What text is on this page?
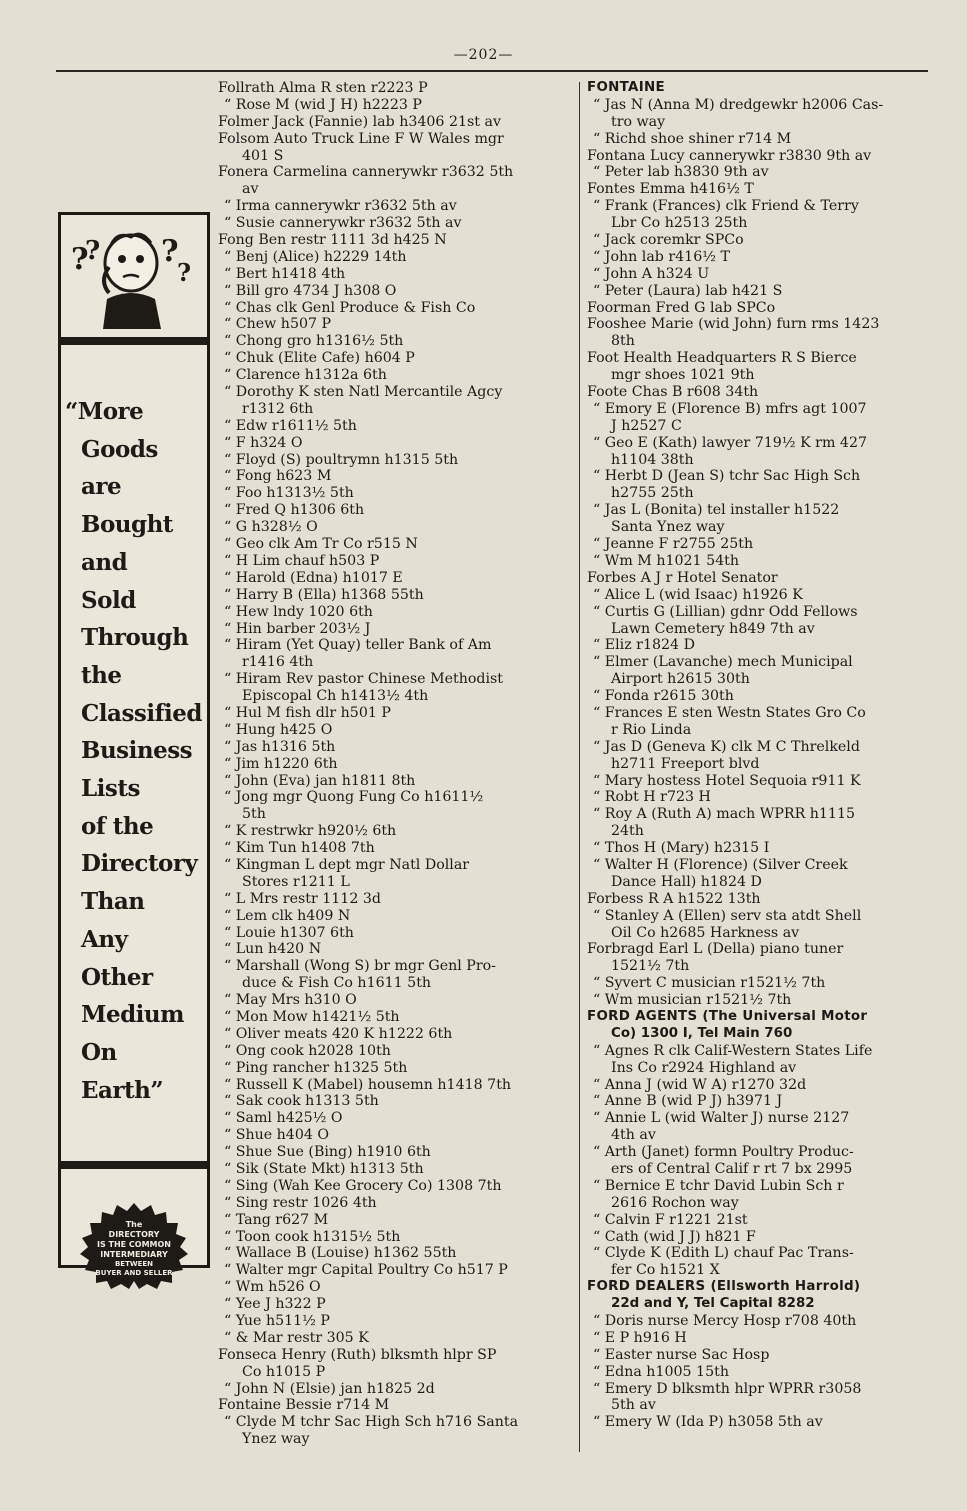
—202—
?
? ?
?
“More
Goods
are
Bought
and
Sold
Through
the
Classified
Business
Lists
of the
Directory
Than
Any
Other
Medium
On
Earth”
The
DIRECTORY
IS THE COMMON
INTERMEDIARY
BETWEEN
BUYER AND SELLER
Follrath Alma R sten r2223 P
“ Rose M (wid J H) h2223 P
Folmer Jack (Fannie) lab h3406 21st av
Folsom Auto Truck Line F W Wales mgr
401 S
Fonera Carmelina cannerywkr r3632 5th
av
“ Irma cannerywkr r3632 5th av
“ Susie cannerywkr r3632 5th av
Fong Ben restr 1111 3d h425 N
“ Benj (Alice) h2229 14th
“ Bert h1418 4th
“ Bill gro 4734 J h308 O
“ Chas clk Genl Produce & Fish Co
“ Chew h507 P
“ Chong gro h1316½ 5th
“ Chuk (Elite Cafe) h604 P
“ Clarence h1312a 6th
“ Dorothy K sten Natl Mercantile Agcy
r1312 6th
“ Edw r1611½ 5th
“ F h324 O
“ Floyd (S) poultrymn h1315 5th
“ Fong h623 M
“ Foo h1313½ 5th
“ Fred Q h1306 6th
“ G h328½ O
“ Geo clk Am Tr Co r515 N
“ H Lim chauf h503 P
“ Harold (Edna) h1017 E
“ Harry B (Ella) h1368 55th
“ Hew lndy 1020 6th
“ Hin barber 203½ J
“ Hiram (Yet Quay) teller Bank of Am
r1416 4th
“ Hiram Rev pastor Chinese Methodist
Episcopal Ch h1413½ 4th
“ Hul M fish dlr h501 P
“ Hung h425 O
“ Jas h1316 5th
“ Jim h1220 6th
“ John (Eva) jan h1811 8th
“ Jong mgr Quong Fung Co h1611½
5th
“ K restrwkr h920½ 6th
“ Kim Tun h1408 7th
“ Kingman L dept mgr Natl Dollar
Stores r1211 L
“ L Mrs restr 1112 3d
“ Lem clk h409 N
“ Louie h1307 6th
“ Lun h420 N
“ Marshall (Wong S) br mgr Genl Pro-
duce & Fish Co h1611 5th
“ May Mrs h310 O
“ Mon Mow h1421½ 5th
“ Oliver meats 420 K h1222 6th
“ Ong cook h2028 10th
“ Ping rancher h1325 5th
“ Russell K (Mabel) housemn h1418 7th
“ Sak cook h1313 5th
“ Saml h425½ O
“ Shue h404 O
“ Shue Sue (Bing) h1910 6th
“ Sik (State Mkt) h1313 5th
“ Sing (Wah Kee Grocery Co) 1308 7th
“ Sing restr 1026 4th
“ Tang r627 M
“ Toon cook h1315½ 5th
“ Wallace B (Louise) h1362 55th
“ Walter mgr Capital Poultry Co h517 P
“ Wm h526 O
“ Yee J h322 P
“ Yue h511½ P
“ & Mar restr 305 K
Fonseca Henry (Ruth) blksmth hlpr SP
Co h1015 P
“ John N (Elsie) jan h1825 2d
Fontaine Bessie r714 M
“ Clyde M tchr Sac High Sch h716 Santa
Ynez way
FONTAINE
“ Jas N (Anna M) dredgewkr h2006 Cas-
tro way
“ Richd shoe shiner r714 M
Fontana Lucy cannerywkr r3830 9th av
“ Peter lab h3830 9th av
Fontes Emma h416½ T
“ Frank (Frances) clk Friend & Terry
Lbr Co h2513 25th
“ Jack coremkr SPCo
“ John lab r416½ T
“ John A h324 U
“ Peter (Laura) lab h421 S
Foorman Fred G lab SPCo
Fooshee Marie (wid John) furn rms 1423
8th
Foot Health Headquarters R S Bierce
mgr shoes 1021 9th
Foote Chas B r608 34th
“ Emory E (Florence B) mfrs agt 1007
J h2527 C
“ Geo E (Kath) lawyer 719½ K rm 427
h1104 38th
“ Herbt D (Jean S) tchr Sac High Sch
h2755 25th
“ Jas L (Bonita) tel installer h1522
Santa Ynez way
“ Jeanne F r2755 25th
“ Wm M h1021 54th
Forbes A J r Hotel Senator
“ Alice L (wid Isaac) h1926 K
“ Curtis G (Lillian) gdnr Odd Fellows
Lawn Cemetery h849 7th av
“ Eliz r1824 D
“ Elmer (Lavanche) mech Municipal
Airport h2615 30th
“ Fonda r2615 30th
“ Frances E sten Westn States Gro Co
r Rio Linda
“ Jas D (Geneva K) clk M C Threlkeld
h2711 Freeport blvd
“ Mary hostess Hotel Sequoia r911 K
“ Robt H r723 H
“ Roy A (Ruth A) mach WPRR h1115
24th
“ Thos H (Mary) h2315 I
“ Walter H (Florence) (Silver Creek
Dance Hall) h1824 D
Forbess R A h1522 13th
“ Stanley A (Ellen) serv sta atdt Shell
Oil Co h2685 Harkness av
Forbragd Earl L (Della) piano tuner
1521½ 7th
“ Syvert C musician r1521½ 7th
“ Wm musician r1521½ 7th
FORD AGENTS (The Universal Motor
Co) 1300 I, Tel Main 760
“ Agnes R clk Calif-Western States Life
Ins Co r2924 Highland av
“ Anna J (wid W A) r1270 32d
“ Anne B (wid P J) h3971 J
“ Annie L (wid Walter J) nurse 2127
4th av
“ Arth (Janet) formn Poultry Produc-
ers of Central Calif r rt 7 bx 2995
“ Bernice E tchr David Lubin Sch r
2616 Rochon way
“ Calvin F r1221 21st
“ Cath (wid J J) h821 F
“ Clyde K (Edith L) chauf Pac Trans-
fer Co h1521 X
FORD DEALERS (Ellsworth Harrold)
22d and Y, Tel Capital 8282
“ Doris nurse Mercy Hosp r708 40th
“ E P h916 H
“ Easter nurse Sac Hosp
“ Edna h1005 15th
“ Emery D blksmth hlpr WPRR r3058
5th av
“ Emery W (Ida P) h3058 5th av
